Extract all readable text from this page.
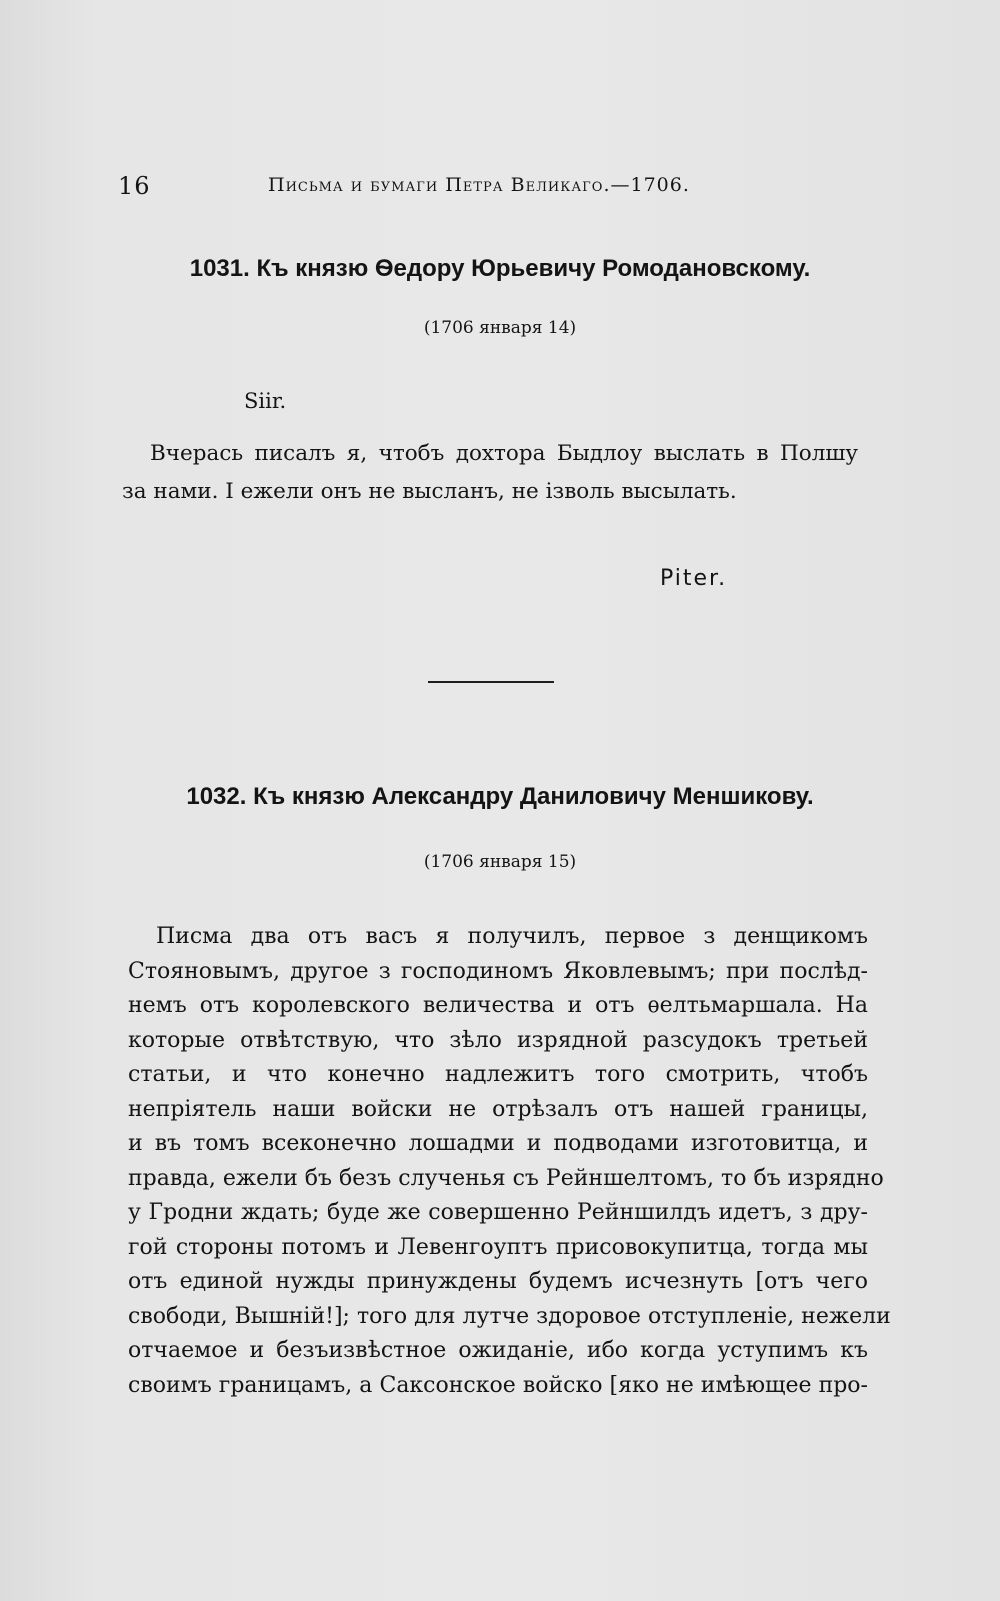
16	Письма и бумаги Петра Великаго.—1706.
1031. Къ князю Ѳедору Юрьевичу Ромодановскому.
(1706 января 14)
Siir.
Вчерась писалъ я, чтобъ дохтора Быдлоу выслать в Полшу
за нами. I ежели онъ не высланъ, не iзволь высылать.
Piter.
1032. Къ князю Александру Даниловичу Меншикову.
(1706 января 15)
Писма два отъ васъ я получилъ, первое з денщикомъ
Стояновымъ, другое з господиномъ Яковлевымъ; при послѣд-
немъ отъ королевского величества и отъ ѳелтьмаршала. На
которые отвѣтствую, что зѣло изрядной разсудокъ третьей
статьи, и что конечно надлежитъ того смотрить, чтобъ
непрiятель наши войски не отрѣзалъ отъ нашей границы,
и въ томъ всеконечно лошадми и подводами изготовитца, и
правда, ежели бъ безъ слученья съ Рейншелтомъ, то бъ изрядно
у Гродни ждать; буде же совершенно Рейншилдъ идетъ, з дру-
гой стороны потомъ и Левенгоуптъ присовокупитца, тогда мы
отъ единой нужды принуждены будемъ исчезнуть [отъ чего
свободи, Вышнiй!]; того для лутче здоровое отступленiе, нежели
отчаемое и безъизвѣстное ожиданiе, ибо когда уступимъ къ
своимъ границамъ, а Саксонское войско [яко не имѣющее про-
